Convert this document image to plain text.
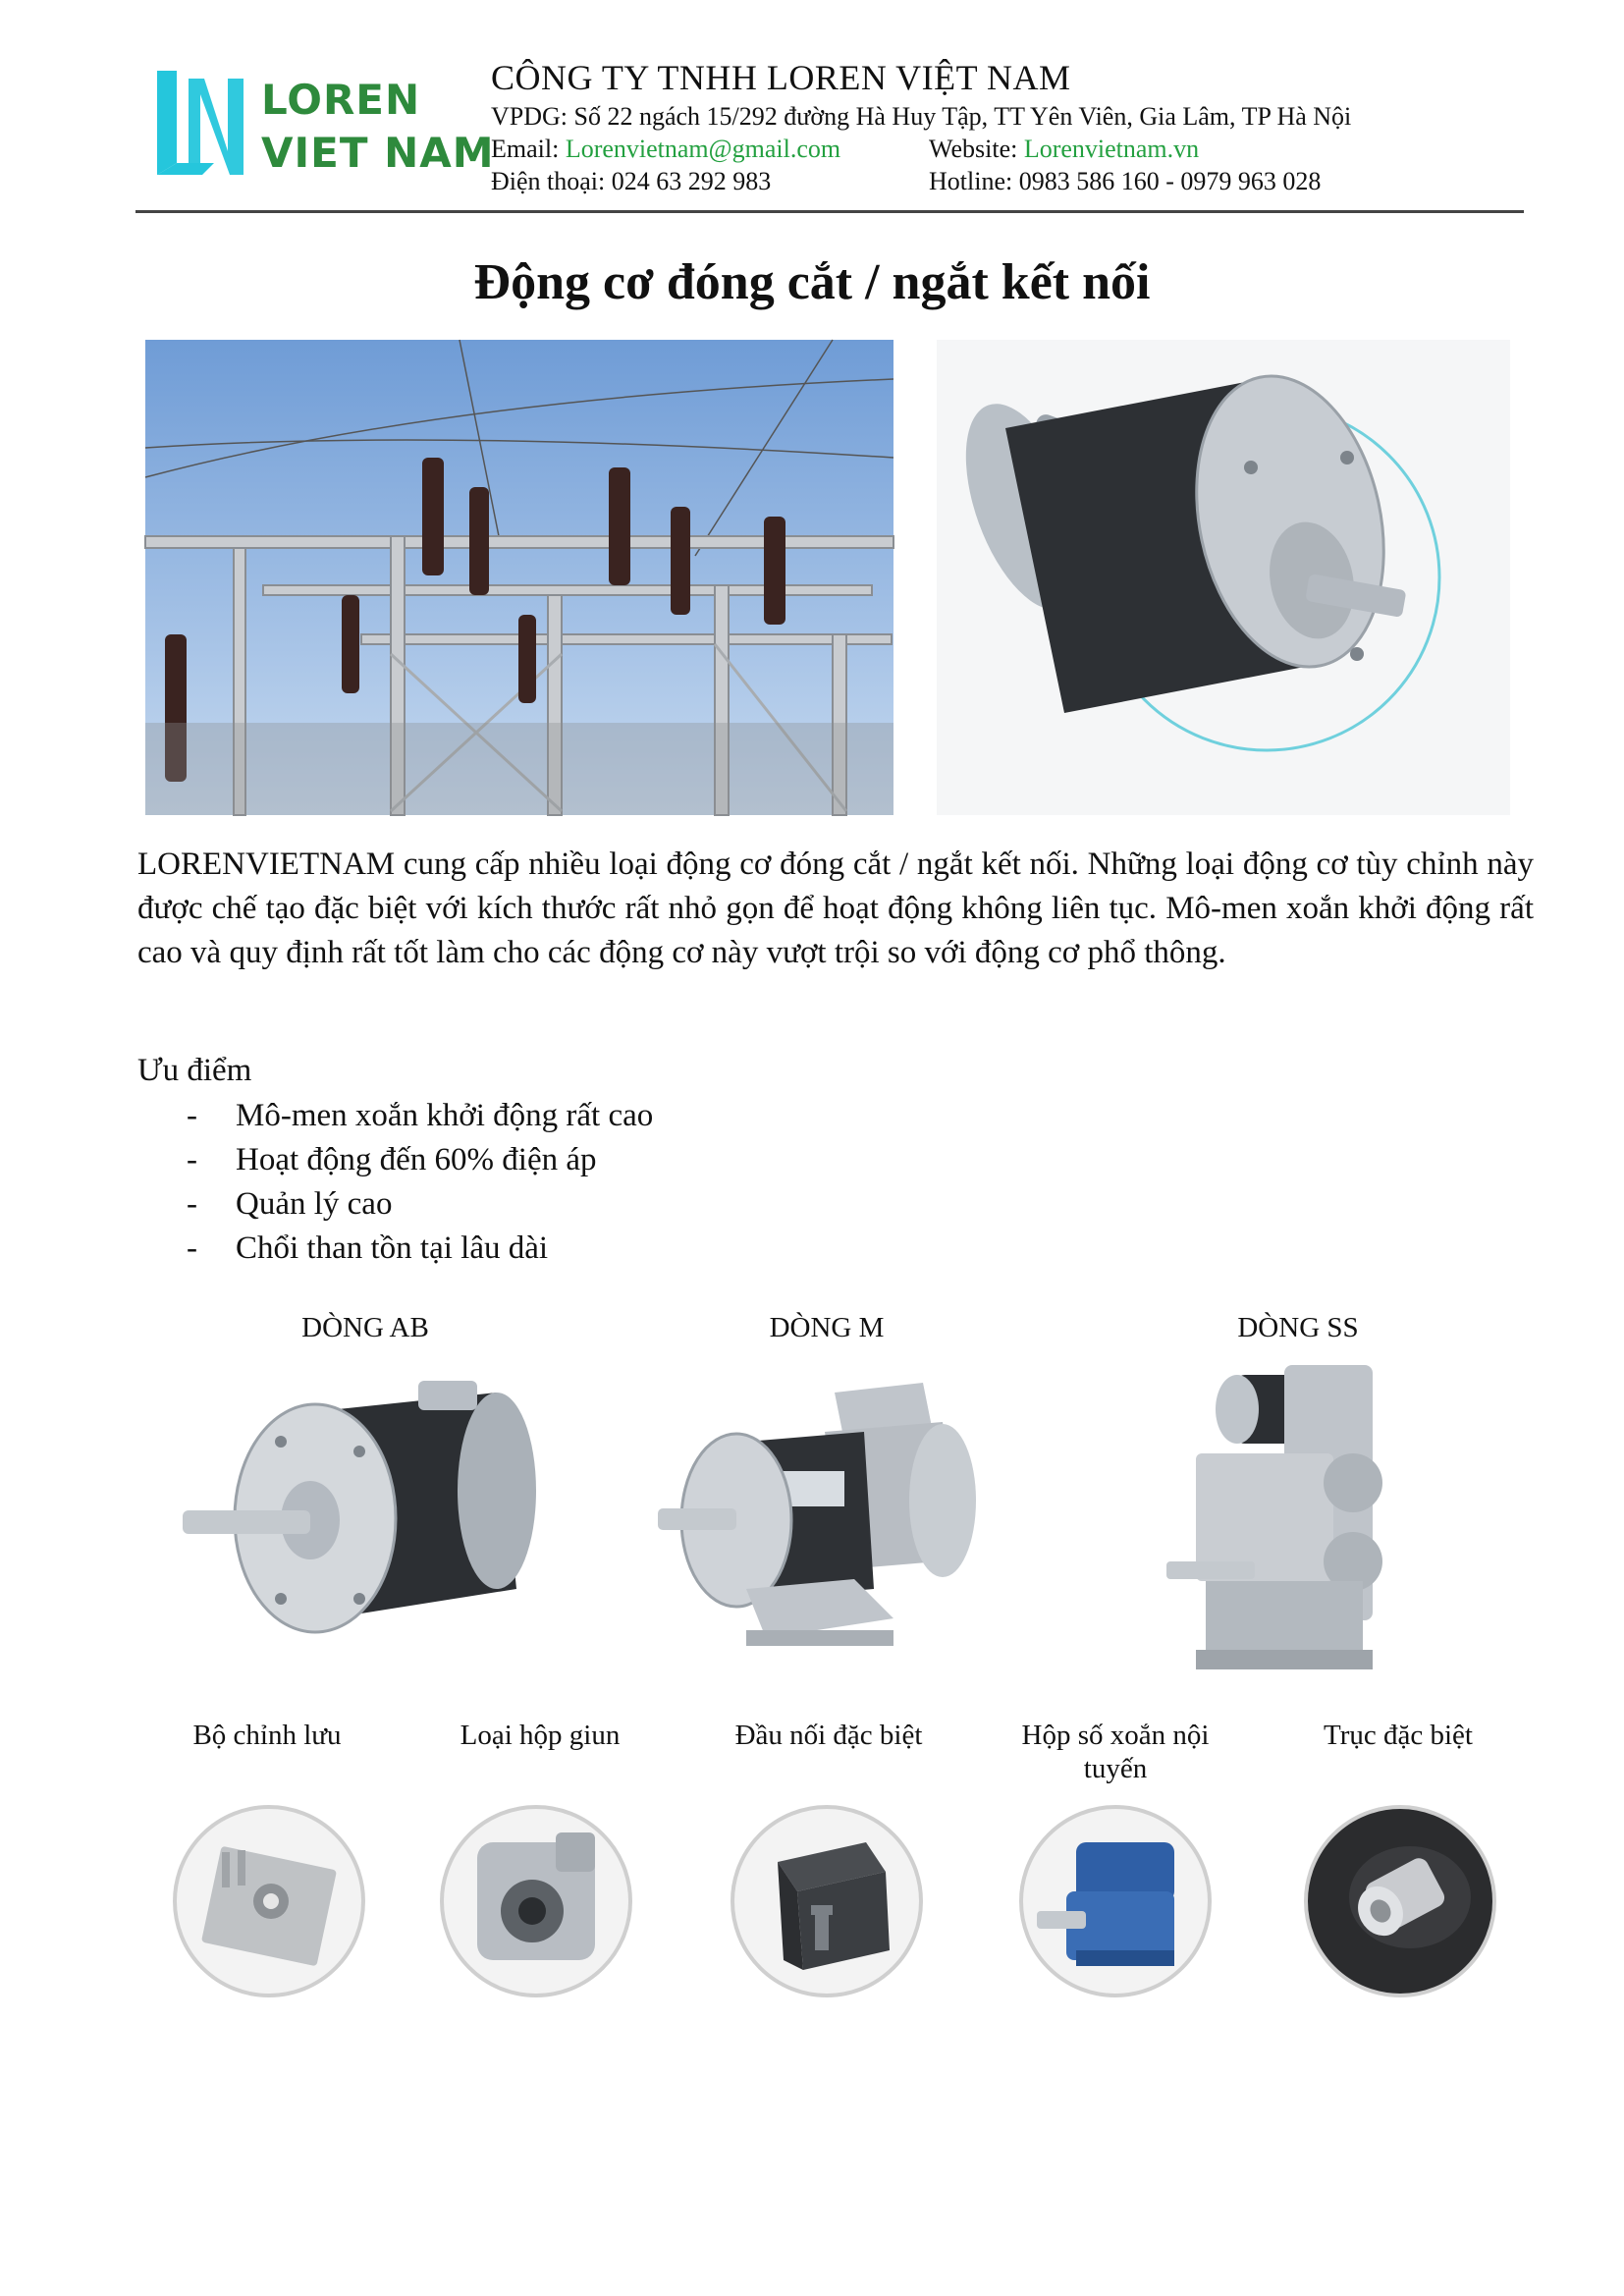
LOREN
VIET NAM
CÔNG TY TNHH LOREN VIỆT NAM
VPDG: Số 22 ngách 15/292 đường Hà Huy Tập, TT Yên Viên, Gia Lâm, TP Hà Nội
Email: Lorenvietnam@gmail.com	Website: Lorenvietnam.vn
Điện thoại: 024 63 292 983	Hotline: 0983 586 160 - 0979 963 028
Động cơ đóng cắt / ngắt kết nối
LORENVIETNAM cung cấp nhiều loại động cơ đóng cắt / ngắt kết nối. Những loại động cơ tùy chỉnh này được chế tạo đặc biệt với kích thước rất nhỏ gọn để hoạt động không liên tục. Mô-men xoắn khởi động rất cao và quy định rất tốt làm cho các động cơ này vượt trội so với động cơ phổ thông.
Ưu điểm
- Mô-men xoắn khởi động rất cao
- Hoạt động đến 60% điện áp
- Quản lý cao
- Chổi than tồn tại lâu dài
DÒNG AB	DÒNG M	DÒNG SS
Bộ chỉnh lưu	Loại hộp giun	Đầu nối đặc biệt	Hộp số xoắn nội tuyến
Trục đặc biệt
